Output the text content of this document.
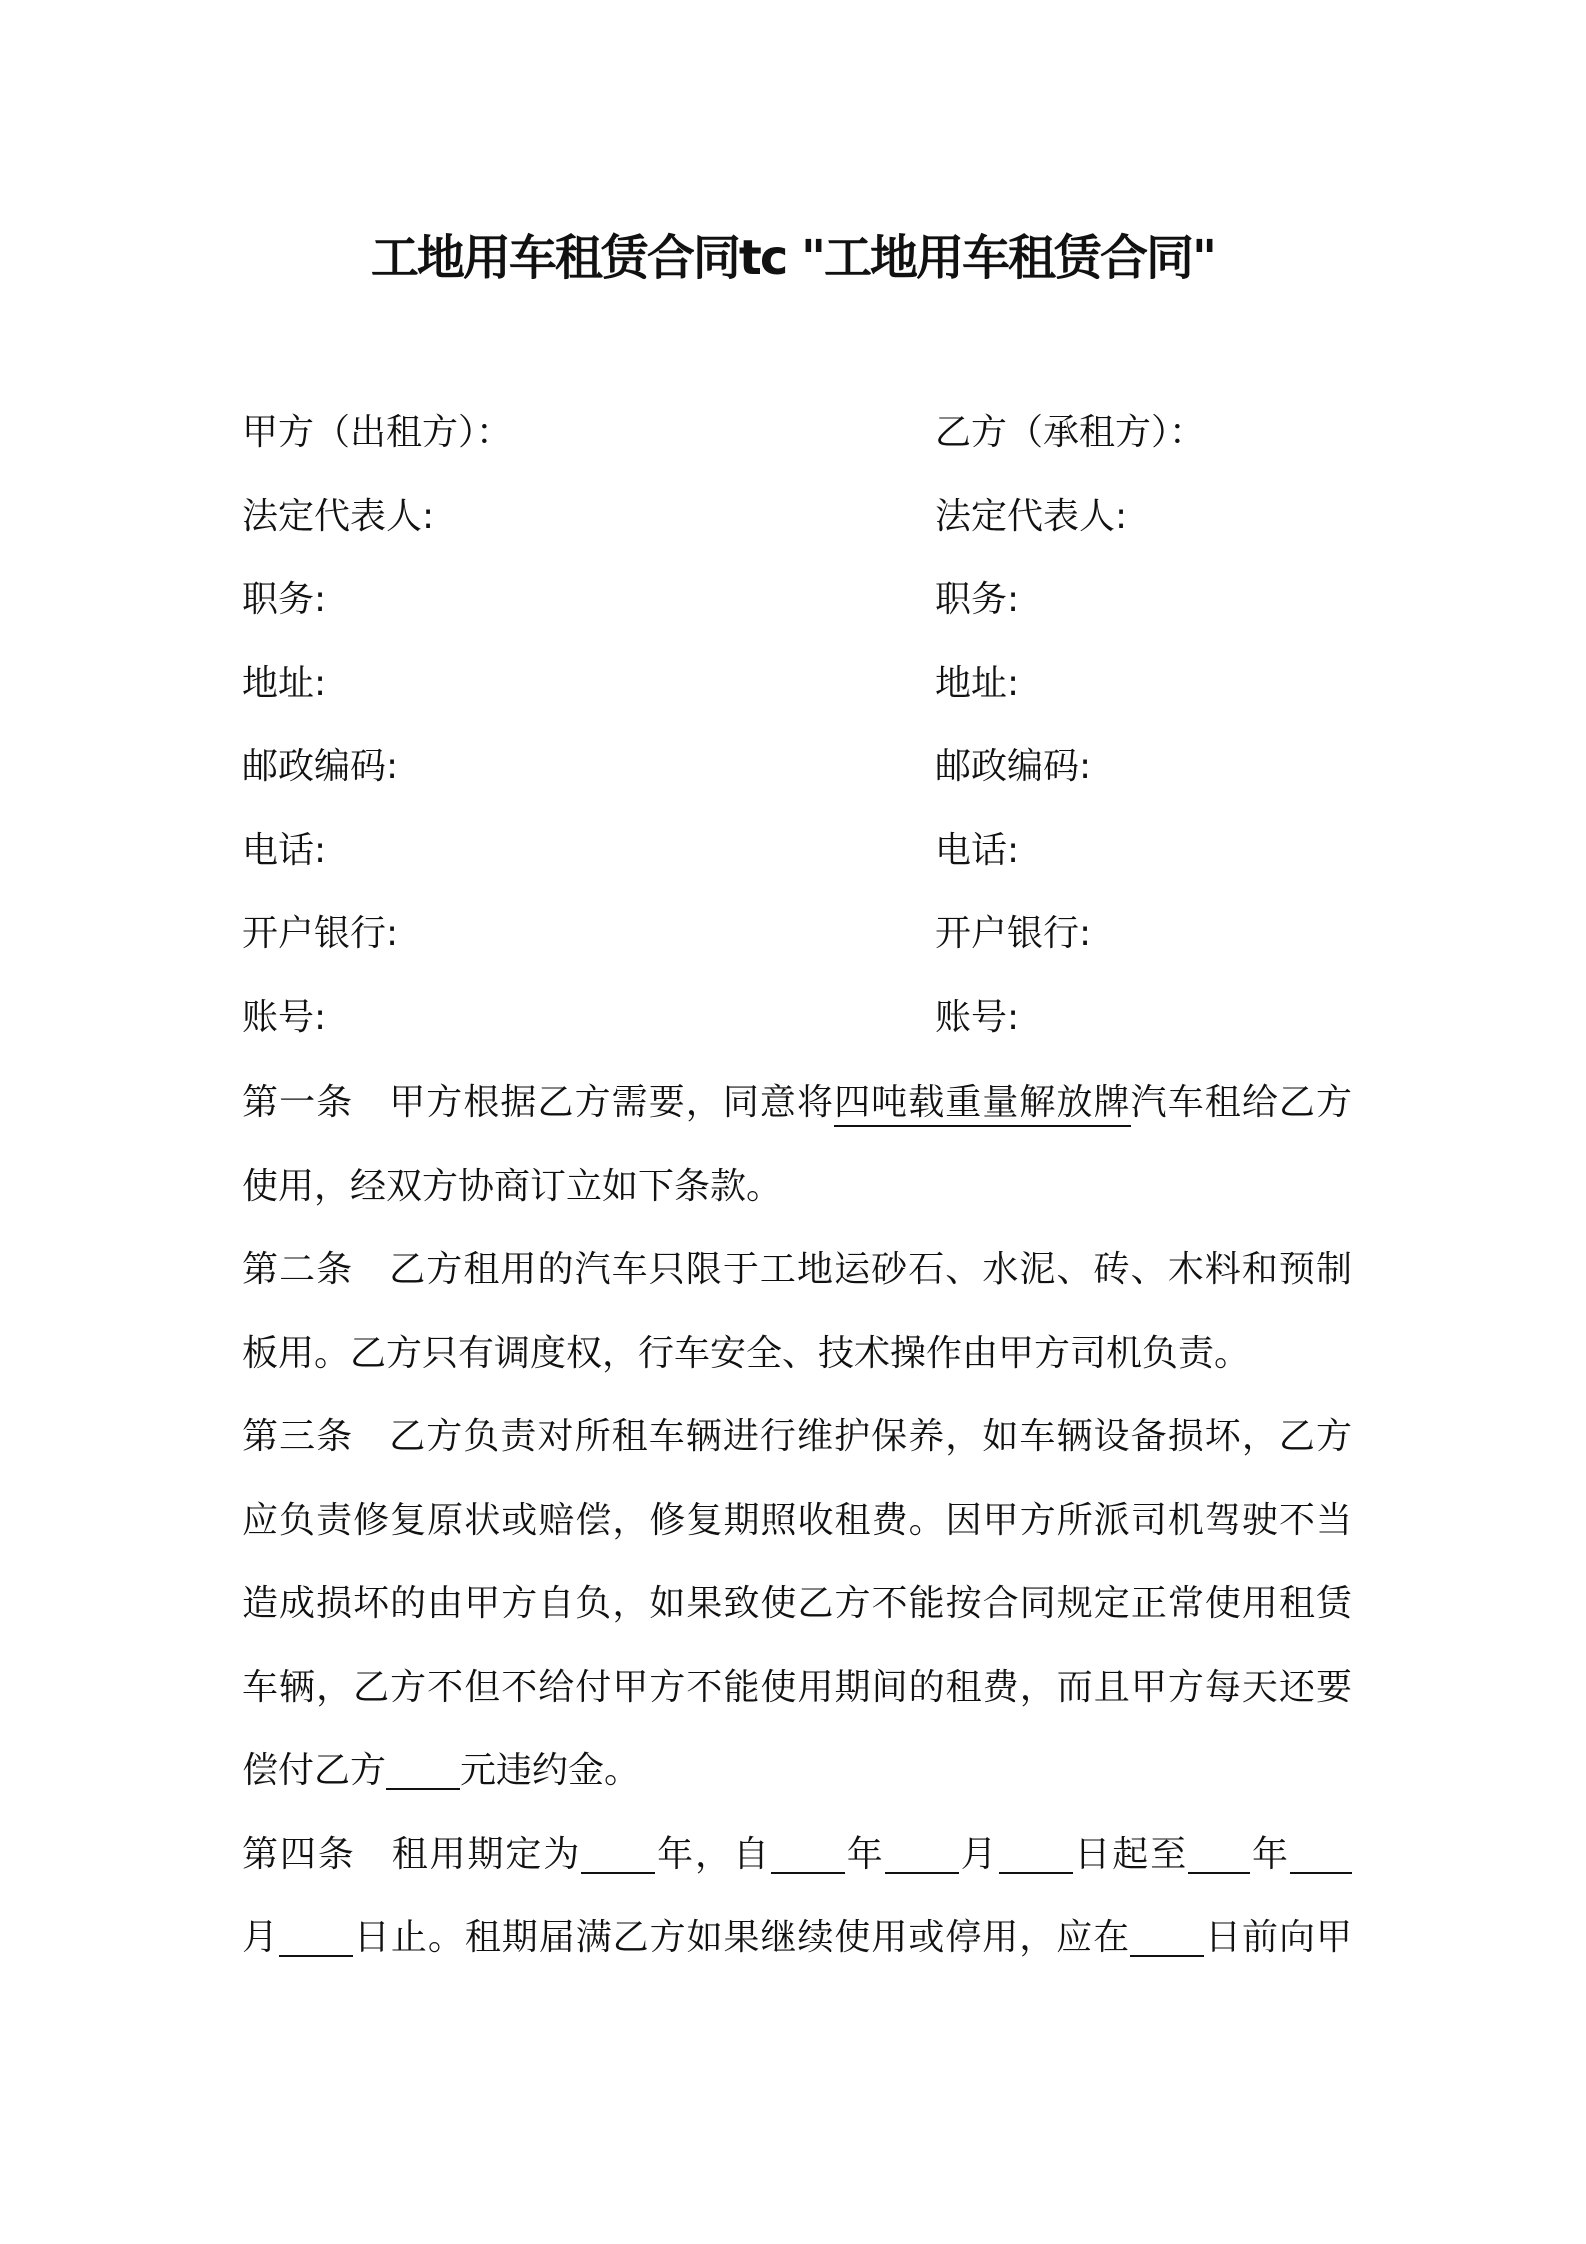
工地用车租赁合同tc "工地用车租赁合同"
甲方（出租方）：	乙方（承租方）：
法定代表人:	法定代表人:
职务:	职务:
地址:	地址:
邮政编码:	邮政编码:
电话:	电话:
开户银行:	开户银行:
账号:	账号:
第一条 甲方根据乙方需要，同意将四吨载重量解放牌汽车租给乙方
使用，经双方协商订立如下条款。
第二条 乙方租用的汽车只限于工地运砂石、水泥、砖、木料和预制
板用。乙方只有调度权，行车安全、技术操作由甲方司机负责。
第三条 乙方负责对所租车辆进行维护保养，如车辆设备损坏，乙方
应负责修复原状或赔偿，修复期照收租费。因甲方所派司机驾驶不当
造成损坏的由甲方自负，如果致使乙方不能按合同规定正常使用租赁
车辆，乙方不但不给付甲方不能使用期间的租费，而且甲方每天还要
偿付乙方 元违约金。
第四条 租用期定为 年，自 年 月 日起至 年
月 日止。租期届满乙方如果继续使用或停用，应在 日前向甲
